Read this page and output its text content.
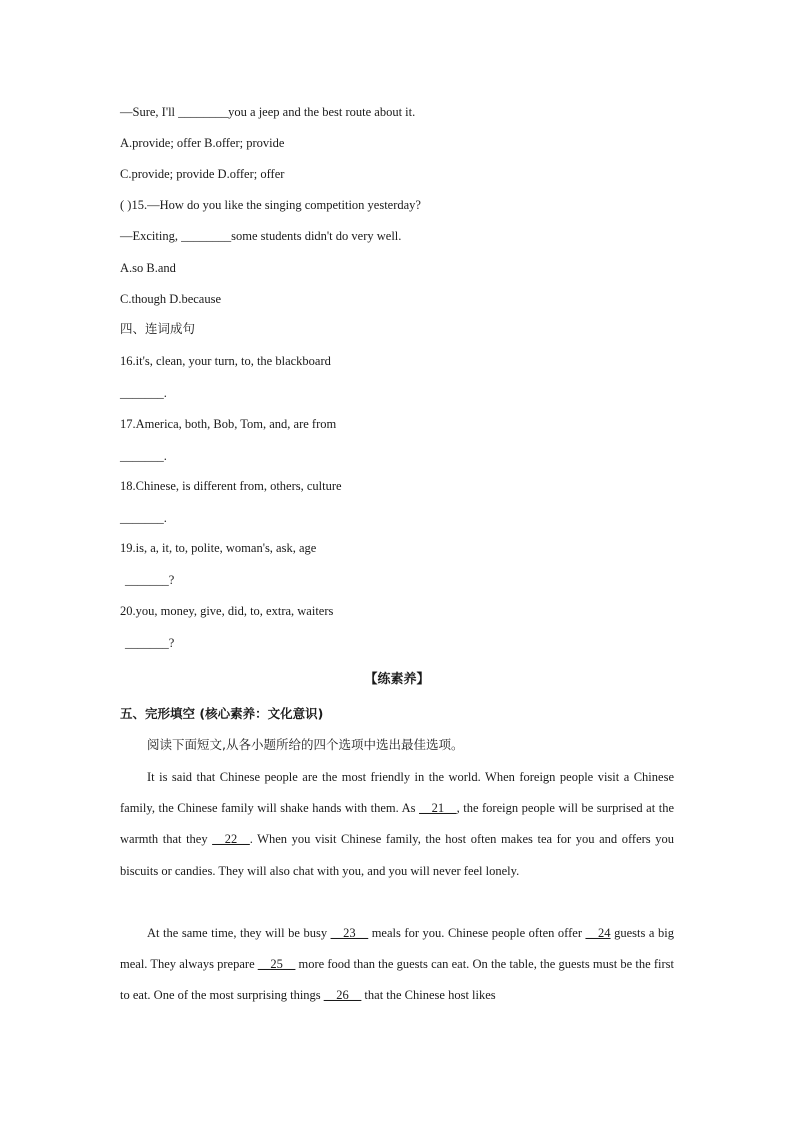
—Sure, I'll ________you a jeep and the best route about it.
A.provide; offer B.offer; provide
C.provide; provide D.offer; offer
( )15.—How do you like the singing competition yesterday?
—Exciting, ________some students didn't do very well.
A.so B.and
C.though D.because
四、连词成句
16.it's, clean, your turn, to, the blackboard
_______.
17.America, both, Bob, Tom, and, are from
_______.
18.Chinese, is different from, others, culture
_______.
19.is, a, it, to, polite, woman's, ask, age
_______?
20.you, money, give, did, to, extra, waiters
_______?
【练素养】
五、完形填空 (核心素养：文化意识)
阅读下面短文,从各小题所给的四个选项中选出最佳选项。
It is said that Chinese people are the most friendly in the world. When foreign people visit a Chinese family, the Chinese family will shake hands with them. As __21__, the foreign people will be surprised at the warmth that they __22__. When you visit Chinese family, the host often makes tea for you and offers you biscuits or candies. They will also chat with you, and you will never feel lonely.
At the same time, they will be busy __23__ meals for you. Chinese people often offer __24 guests a big meal. They always prepare __25__ more food than the guests can eat. On the table, the guests must be the first to eat. One of the most surprising things __26__ that the Chinese host likes
